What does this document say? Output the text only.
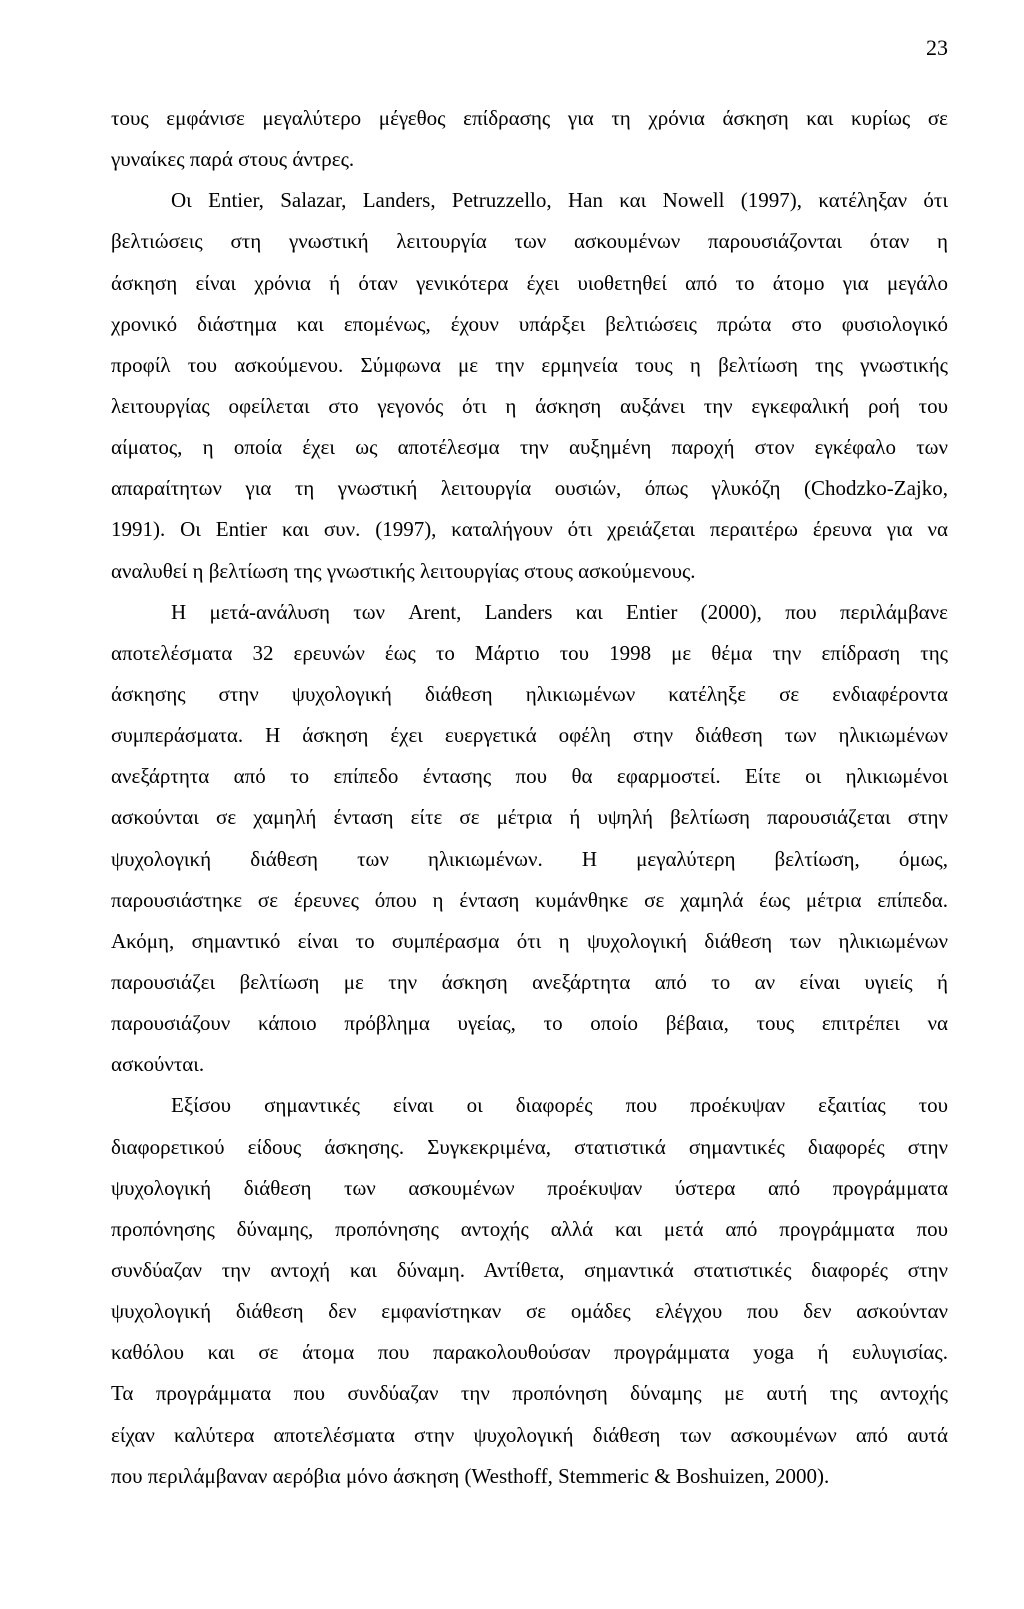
23
τους εμφάνισε μεγαλύτερο μέγεθος επίδρασης για τη χρόνια άσκηση και κυρίως σε
γυναίκες παρά στους άντρες.
Οι Entier, Salazar, Landers, Petruzzello, Han και Nowell (1997), κατέληξαν ότι
βελτιώσεις στη γνωστική λειτουργία των ασκουμένων παρουσιάζονται όταν η
άσκηση είναι χρόνια ή όταν γενικότερα έχει υιοθετηθεί από το άτομο για μεγάλο
χρονικό διάστημα και επομένως, έχουν υπάρξει βελτιώσεις πρώτα στο φυσιολογικό
προφίλ του ασκούμενου. Σύμφωνα με την ερμηνεία τους η βελτίωση της γνωστικής
λειτουργίας οφείλεται στο γεγονός ότι η άσκηση αυξάνει την εγκεφαλική ροή του
αίματος, η οποία έχει ως αποτέλεσμα την αυξημένη παροχή στον εγκέφαλο των
απαραίτητων για τη γνωστική λειτουργία ουσιών, όπως γλυκόζη (Chodzko-Zajko,
1991). Οι Entier και συν. (1997), καταλήγουν ότι χρειάζεται περαιτέρω έρευνα για να
αναλυθεί η βελτίωση της γνωστικής λειτουργίας στους ασκούμενους.
Η μετά-ανάλυση των Arent, Landers και Entier (2000), που περιλάμβανε
αποτελέσματα 32 ερευνών έως το Μάρτιο του 1998 με θέμα την επίδραση της
άσκησης στην ψυχολογική διάθεση ηλικιωμένων κατέληξε σε ενδιαφέροντα
συμπεράσματα. Η άσκηση έχει ευεργετικά οφέλη στην διάθεση των ηλικιωμένων
ανεξάρτητα από το επίπεδο έντασης που θα εφαρμοστεί. Είτε οι ηλικιωμένοι
ασκούνται σε χαμηλή ένταση είτε σε μέτρια ή υψηλή βελτίωση παρουσιάζεται στην
ψυχολογική διάθεση των ηλικιωμένων. Η μεγαλύτερη βελτίωση, όμως,
παρουσιάστηκε σε έρευνες όπου η ένταση κυμάνθηκε σε χαμηλά έως μέτρια επίπεδα.
Ακόμη, σημαντικό είναι το συμπέρασμα ότι η ψυχολογική διάθεση των ηλικιωμένων
παρουσιάζει βελτίωση με την άσκηση ανεξάρτητα από το αν είναι υγιείς ή
παρουσιάζουν κάποιο πρόβλημα υγείας, το οποίο βέβαια, τους επιτρέπει να
ασκούνται.
Εξίσου σημαντικές είναι οι διαφορές που προέκυψαν εξαιτίας του
διαφορετικού είδους άσκησης. Συγκεκριμένα, στατιστικά σημαντικές διαφορές στην
ψυχολογική διάθεση των ασκουμένων προέκυψαν ύστερα από προγράμματα
προπόνησης δύναμης, προπόνησης αντοχής αλλά και μετά από προγράμματα που
συνδύαζαν την αντοχή και δύναμη. Αντίθετα, σημαντικά στατιστικές διαφορές στην
ψυχολογική διάθεση δεν εμφανίστηκαν σε ομάδες ελέγχου που δεν ασκούνταν
καθόλου και σε άτομα που παρακολουθούσαν προγράμματα yoga ή ευλυγισίας.
Τα προγράμματα που συνδύαζαν την προπόνηση δύναμης με αυτή της αντοχής
είχαν καλύτερα αποτελέσματα στην ψυχολογική διάθεση των ασκουμένων από αυτά
που περιλάμβαναν αερόβια μόνο άσκηση (Westhoff, Stemmeric & Boshuizen, 2000).
